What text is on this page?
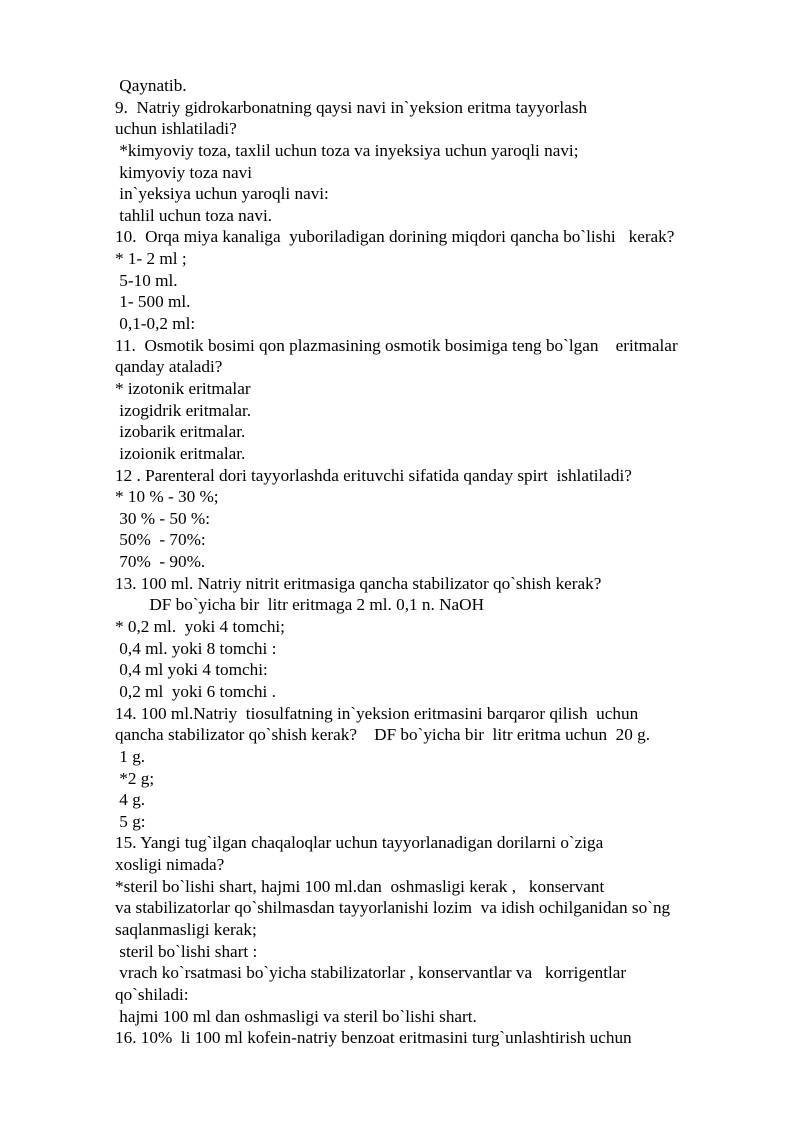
Qaynatib.
9.  Natriy gidrokarbonatning qaysi navi in`yeksion eritma tayyorlash
uchun ishlatiladi?
*kimyoviy toza, taxlil uchun toza va inyeksiya uchun yaroqli navi;
kimyoviy toza navi
in`yeksiya uchun yaroqli navi:
tahlil uchun toza navi.
10.  Orqa miya kanaliga  yuboriladigan dorining miqdori qancha bo`lishi   kerak?
* 1- 2 ml ;
5-10 ml.
1- 500 ml.
0,1-0,2 ml:
11.  Osmotik bosimi qon plazmasining osmotik bosimiga teng bo`lgan    eritmalar
qanday ataladi?
* izotonik eritmalar
izogidrik eritmalar.
izobarik eritmalar.
izoionik eritmalar.
12 . Parenteral dori tayyorlashda erituvchi sifatida qanday spirt  ishlatiladi?
* 10 % - 30 %;
30 % - 50 %:
50%  - 70%:
70%  - 90%.
13. 100 ml. Natriy nitrit eritmasiga qancha stabilizator qo`shish kerak?
DF bo`yicha bir  litr eritmaga 2 ml. 0,1 n. NaOH
* 0,2 ml.  yoki 4 tomchi;
0,4 ml. yoki 8 tomchi :
0,4 ml yoki 4 tomchi:
0,2 ml  yoki 6 tomchi .
14. 100 ml.Natriy  tiosulfatning in`yeksion eritmasini barqaror qilish  uchun
qancha stabilizator qo`shish kerak?    DF bo`yicha bir  litr eritma uchun  20 g.
1 g.
*2 g;
4 g.
5 g:
15. Yangi tug`ilgan chaqaloqlar uchun tayyorlanadigan dorilarni o`ziga
xosligi nimada?
*steril bo`lishi shart, hajmi 100 ml.dan  oshmasligi kerak ,   konservant
va stabilizatorlar qo`shilmasdan tayyorlanishi lozim  va idish ochilganidan so`ng
saqlanmasligi kerak;
steril bo`lishi shart :
vrach ko`rsatmasi bo`yicha stabilizatorlar , konservantlar va   korrigentlar
qo`shiladi:
hajmi 100 ml dan oshmasligi va steril bo`lishi shart.
16. 10%  li 100 ml kofein-natriy benzoat eritmasini turg`unlashtirish uchun
